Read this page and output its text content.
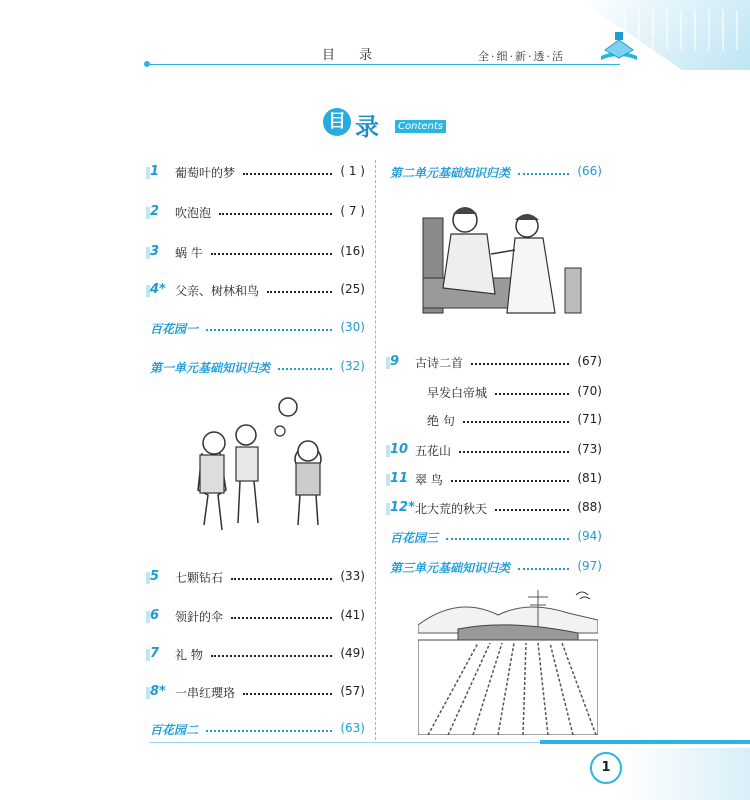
目 录	全·细·新·透·活
目 录	Contents
1 葡萄叶的梦	( 1 )
2 吹泡泡	( 7 )
3 蜗 牛	(16)
4* 父亲、树林和鸟	(25)
百花园一	(30)
第一单元基础知识归类	(32)
5 七颗钻石	(33)
6 领針的伞	(41)
7 礼 物	(49)
8* 一串红瓔珞	(57)
百花园二	(63)
第二单元基础知识归类	(66)
9 古诗二首	(67)
早发白帝城	(70)
绝 句	(71)
10 五花山	(73)
11 翠 鸟	(81)
12* 北大荒的秋天	(88)
百花园三	(94)
第三单元基础知识归类	(97)
1
